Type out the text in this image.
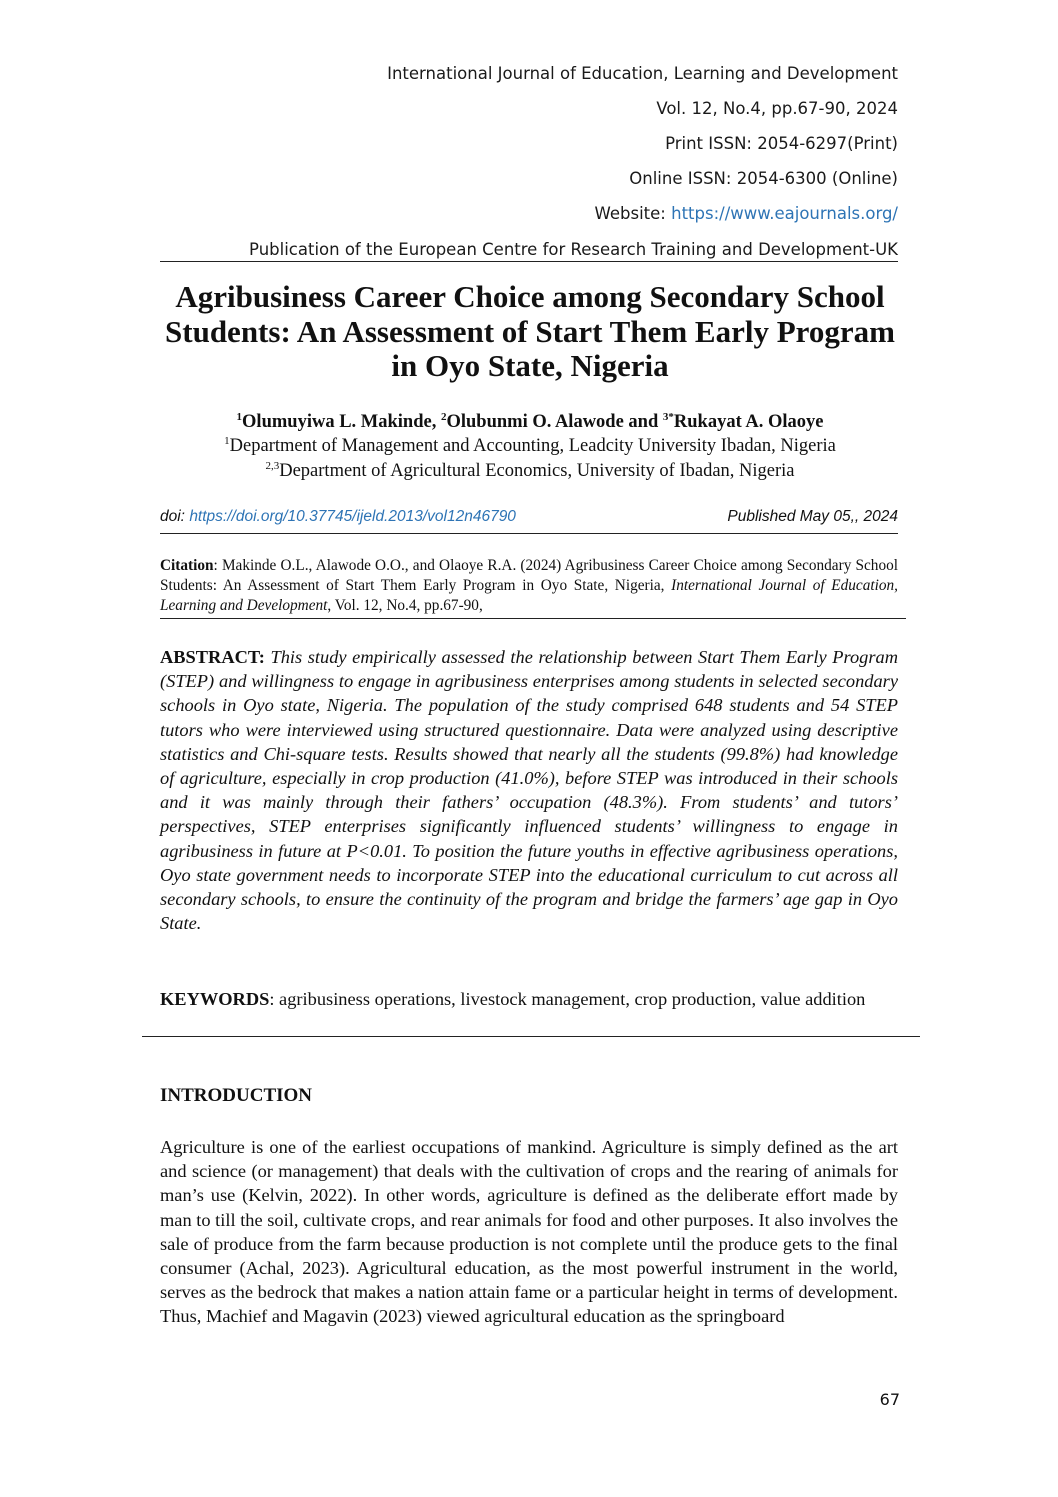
International Journal of Education, Learning and Development
Vol. 12, No.4, pp.67-90, 2024
Print ISSN: 2054-6297(Print)
Online ISSN: 2054-6300 (Online)
Website: https://www.eajournals.org/
Publication of the European Centre for Research Training and Development-UK
Agribusiness Career Choice among Secondary School Students: An Assessment of Start Them Early Program in Oyo State, Nigeria
$^1$Olumuyiwa L. Makinde, $^2$Olubunmi O. Alawode and $^{3*}$Rukayat A. Olaoye
$^1$Department of Management and Accounting, Leadcity University Ibadan, Nigeria
$^{2,3}$Department of Agricultural Economics, University of Ibadan, Nigeria
doi: https://doi.org/10.37745/ijeld.2013/vol12n46790	Published May 05,, 2024
Citation: Makinde O.L., Alawode O.O., and Olaoye R.A. (2024) Agribusiness Career Choice among Secondary School Students: An Assessment of Start Them Early Program in Oyo State, Nigeria, International Journal of Education, Learning and Development, Vol. 12, No.4, pp.67-90,
ABSTRACT: This study empirically assessed the relationship between Start Them Early Program (STEP) and willingness to engage in agribusiness enterprises among students in selected secondary schools in Oyo state, Nigeria. The population of the study comprised 648 students and 54 STEP tutors who were interviewed using structured questionnaire. Data were analyzed using descriptive statistics and Chi-square tests. Results showed that nearly all the students (99.8%) had knowledge of agriculture, especially in crop production (41.0%), before STEP was introduced in their schools and it was mainly through their fathers’ occupation (48.3%). From students’ and tutors’ perspectives, STEP enterprises significantly influenced students’ willingness to engage in agribusiness in future at P<0.01. To position the future youths in effective agribusiness operations, Oyo state government needs to incorporate STEP into the educational curriculum to cut across all secondary schools, to ensure the continuity of the program and bridge the farmers’ age gap in Oyo State.
KEYWORDS: agribusiness operations, livestock management, crop production, value addition
INTRODUCTION
Agriculture is one of the earliest occupations of mankind. Agriculture is simply defined as the art and science (or management) that deals with the cultivation of crops and the rearing of animals for man’s use (Kelvin, 2022). In other words, agriculture is defined as the deliberate effort made by man to till the soil, cultivate crops, and rear animals for food and other purposes. It also involves the sale of produce from the farm because production is not complete until the produce gets to the final consumer (Achal, 2023). Agricultural education, as the most powerful instrument in the world, serves as the bedrock that makes a nation attain fame or a particular height in terms of development. Thus, Machief and Magavin (2023) viewed agricultural education as the springboard
67
